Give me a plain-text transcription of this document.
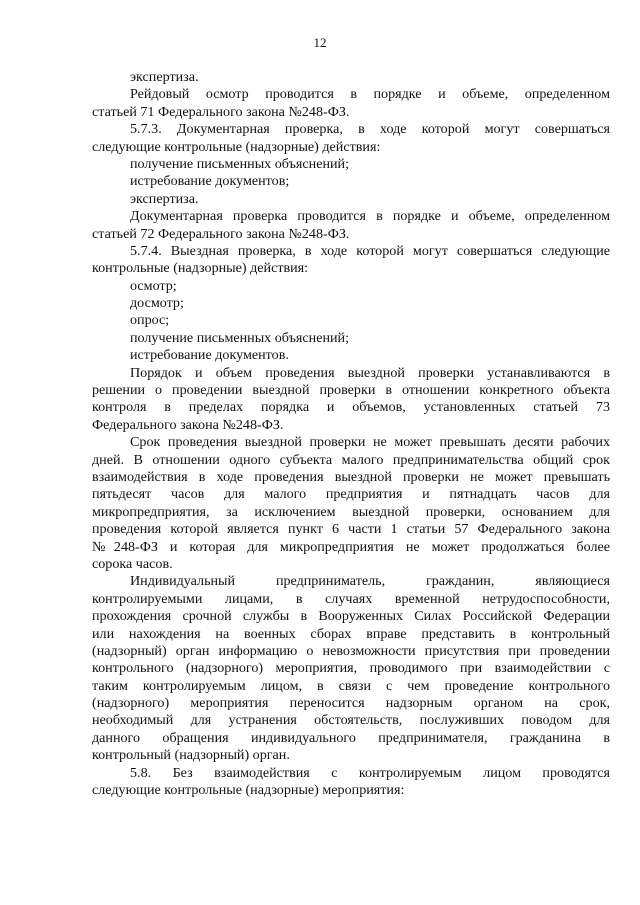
12
экспертиза.
Рейдовый осмотр проводится в порядке и объеме, определенном
статьей 71 Федерального закона №248-ФЗ.
5.7.3. Документарная проверка, в ходе которой могут совершаться
следующие контрольные (надзорные) действия:
получение письменных объяснений;
истребование документов;
экспертиза.
Документарная проверка проводится в порядке и объеме, определенном
статьей 72 Федерального закона №248-ФЗ.
5.7.4. Выездная проверка, в ходе которой могут совершаться следующие
контрольные (надзорные) действия:
осмотр;
досмотр;
опрос;
получение письменных объяснений;
истребование документов.
Порядок и объем проведения выездной проверки устанавливаются в
решении о проведении выездной проверки в отношении конкретного объекта
контроля в пределах порядка и объемов, установленных статьей 73
Федерального закона №248-ФЗ.
Срок проведения выездной проверки не может превышать десяти рабочих
дней. В отношении одного субъекта малого предпринимательства общий срок
взаимодействия в ходе проведения выездной проверки не может превышать
пятьдесят часов для малого предприятия и пятнадцать часов для
микропредприятия, за исключением выездной проверки, основанием для
проведения которой является пункт 6 части 1 статьи 57 Федерального закона
№248-ФЗ и которая для микропредприятия не может продолжаться более
сорока часов.
Индивидуальный предприниматель, гражданин, являющиеся
контролируемыми лицами, в случаях временной нетрудоспособности,
прохождения срочной службы в Вооруженных Силах Российской Федерации
или нахождения на военных сборах вправе представить в контрольный
(надзорный) орган информацию о невозможности присутствия при проведении
контрольного (надзорного) мероприятия, проводимого при взаимодействии с
таким контролируемым лицом, в связи с чем проведение контрольного
(надзорного) мероприятия переносится надзорным органом на срок,
необходимый для устранения обстоятельств, послуживших поводом для
данного обращения индивидуального предпринимателя, гражданина в
контрольный (надзорный) орган.
5.8. Без взаимодействия с контролируемым лицом проводятся
следующие контрольные (надзорные) мероприятия:
